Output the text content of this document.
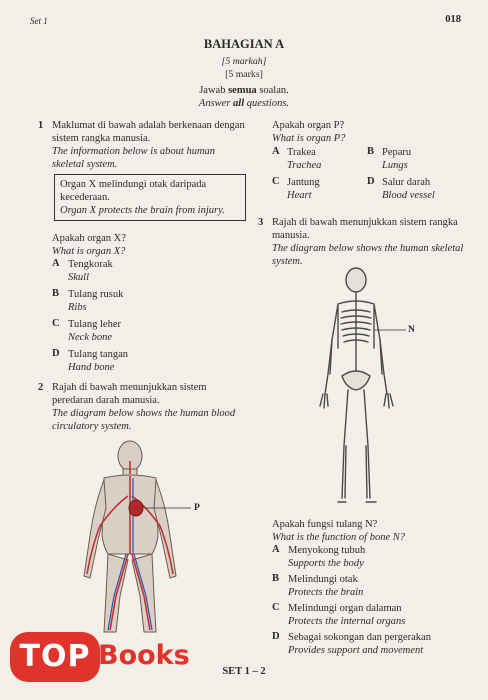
Set 1	018
BAHAGIAN A
[5 markah]
[5 marks]
Jawab semua soalan.
Answer all questions.
1 Maklumat di bawah adalah berkenaan dengan sistem rangka manusia.
The information below is about human skeletal system.
Organ X melindungi otak daripada kecederaan.
Organ X protects the brain from injury.
Apakah organ X?
What is organ X?
A Tengkorak
Skull
B Tulang rusuk
Ribs
C Tulang leher
Neck bone
D Tulang tangan
Hand bone
2 Rajah di bawah menunjukkan sistem peredaran darah manusia.
The diagram below shows the human blood circulatory system.
P
Apakah organ P?
What is organ P?
A Trakea
Trachea
B Peparu
Lungs
C Jantung
Heart
D Salur darah
Blood vessel
3 Rajah di bawah menunjukkan sistem rangka manusia.
The diagram below shows the human skeletal system.
N
Apakah fungsi tulang N?
What is the function of bone N?
A Menyokong tubuh
Supports the body
B Melindungi otak
Protects the brain
C Melindungi organ dalaman
Protects the internal organs
D Sebagai sokongan dan pergerakan
Provides support and movement
SET 1 – 2
TOP Books
